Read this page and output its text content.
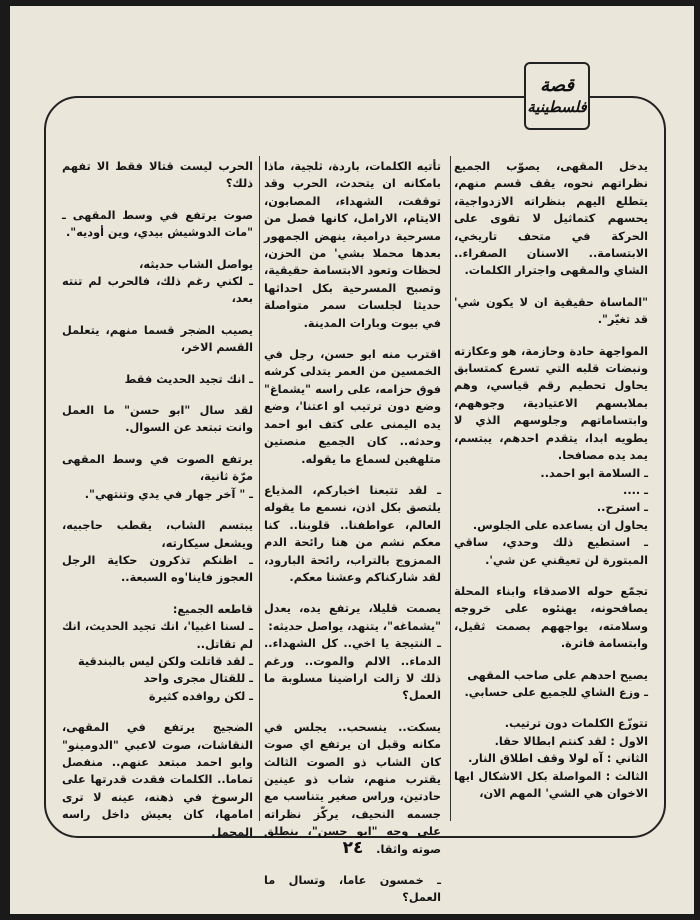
قصة
فلسطينية

يدخل المقهى، يصوّب الجميع نظراتهم نحوه، يقف قسم منهم، يتطلع اليهم بنظراته الازدواجية، يحسهم كتماثيل لا تقوى على الحركة في متحف تاريخي، الابتسامة.. الاسنان الصفراء.. الشاي والمقهى واجترار الكلمات.

"الماساة حقيقية ان لا يكون شي' قد تغيّر".

المواجهة حادة وحازمة، هو وعكازته ونبضات قلبه التي تسرع كمتسابق يحاول تحطيم رقم قياسي، وهم بملابسهم الاعتيادية، وجوههم، وابتساماتهم وجلوسهم الذي لا يطويه ابدا، يتقدم احدهم، يبتسم، يمد يده مصافحا.

ـ السلامة ابو احمد..

ـ ....

ـ استرح..

يحاول ان يساعده على الجلوس.

ـ استطيع ذلك وحدي، ساقي المبتورة لن تعيقني عن شي'.

تجمّع حوله الاصدقاء وابناء المحلة يصافحونه، يهنئوه على خروجه وسلامته، يواجههم بصمت ثقيل، وابتسامة فاترة.

يصيح احدهم على صاحب المقهى

ـ وزع الشاي للجميع على حسابي.

تتوزّع الكلمات دون ترتيب.

الاول : لقد كنتم ابطالا حقا.

الثاني : آه لولا وقف اطلاق النار.

الثالث : المواصلة بكل الاشكال ايها الاخوان هي الشي' المهم الان،

تأتيه الكلمات، باردة، ثلجية، ماذا بامكانه ان يتحدث، الحرب وقد توقفت، الشهداء، المصابون، الايتام، الارامل، كانها فصل من مسرحية درامية، ينهض الجمهور بعدها محملا بشي' من الحزن، لحظات وتعود الابتسامة حقيقية، وتصبح المسرحية بكل احداثها حديثا لجلسات سمر متواصلة في بيوت وبارات المدينة.

اقترب منه ابو حسن، رجل في الخمسين من العمر يتدلى كرشه فوق حزامه، على راسه "يشماغ" وضع دون ترتيب او اعتنا'، وضع يده اليمنى على كتف ابو احمد وحدثه.. كان الجميع منصتين متلهفين لسماع ما يقوله.

ـ لقد تتبعنا اخباركم، المذياع يلتصق بكل اذن، نسمع ما يقوله العالم، عواطفنا.. قلوبنا.. كنا معكم نشم من هنا رائحة الدم الممزوج بالتراب، رائحة البارود، لقد شاركناكم وعشنا معكم.

يصمت قليلا، يرتفع يده، يعدل "يشماغه"، يتنهد، يواصل حديثه:

ـ النتيجة يا اخي.. كل الشهداء.. الدماء.. الالم والموت.. ورغم ذلك لا زالت اراضينا مسلوبة ما العمل؟

يسكت.. ينسحب.. يجلس في مكانه وقبل ان يرتفع اي صوت كان الشاب ذو الصوت الثالث يقترب منهم، شاب ذو عينين حادتين، وراس صغير يتناسب مع جسمه النحيف، يركّز نظراته على وجه "ابو حسن"، ينطلق صوته واثقا.

ـ خمسون عاما، وتسال ما العمل؟

الحرب ليست قتالا فقط الا تفهم ذلك؟

صوت يرتفع في وسط المقهى ـ "مات الدوشيش بيدي، وين أوديه".

يواصل الشاب حديثه،

ـ لكني رغم ذلك، فالحرب لم تنته بعد،

يصيب الضجر قسما منهم، يتعلمل القسم الاخر،

ـ انك تجيد الحديث فقط

لقد سال "ابو حسن" ما العمل وانت تبتعد عن السوال.

يرتفع الصوت في وسط المقهى مرّة ثانية،

ـ " آخر جهار في يدي وتنتهي".

يبتسم الشاب، يقطب حاجبيه، ويشعل سيكارته،

ـ اظنكم تذكرون حكاية الرجل العجوز فاينا'وه السبعة..

قاطعه الجميع:

ـ لسنا اغبيا'، انك تجيد الحديث، انك لم تقاتل..

ـ لقد قاتلت ولكن ليس بالبندقية

ـ للقتال مجرى واحد

ـ لكن روافده كثيرة

الضجيج يرتفع في المقهى، النقاشات، صوت لاعبي "الدومينو" وابو احمد مبتعد عنهم.. منفصل تماما.. الكلمات فقدت قدرتها على الرسوخ في ذهنه، عينه لا ترى امامها، كان يعيش داخل راسه المحمل

٢٤
